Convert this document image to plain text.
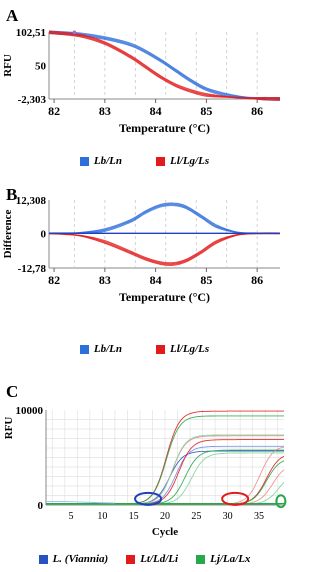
A
82	83	84	85	86
102,51
50
-2,303
Temperature (°C)
RFU
Lb/Ln	Ll/Lg/Ls
B
82	83	84	85	86
12,308
0
-12,78
Temperature (°C)
Difference
Lb/Ln	Ll/Lg/Ls
C
5 10 15 20 25 30 35
10000
0
Cycle
RFU
L. (Viannia)	Lt/Ld/Li	Lj/La/Lx
